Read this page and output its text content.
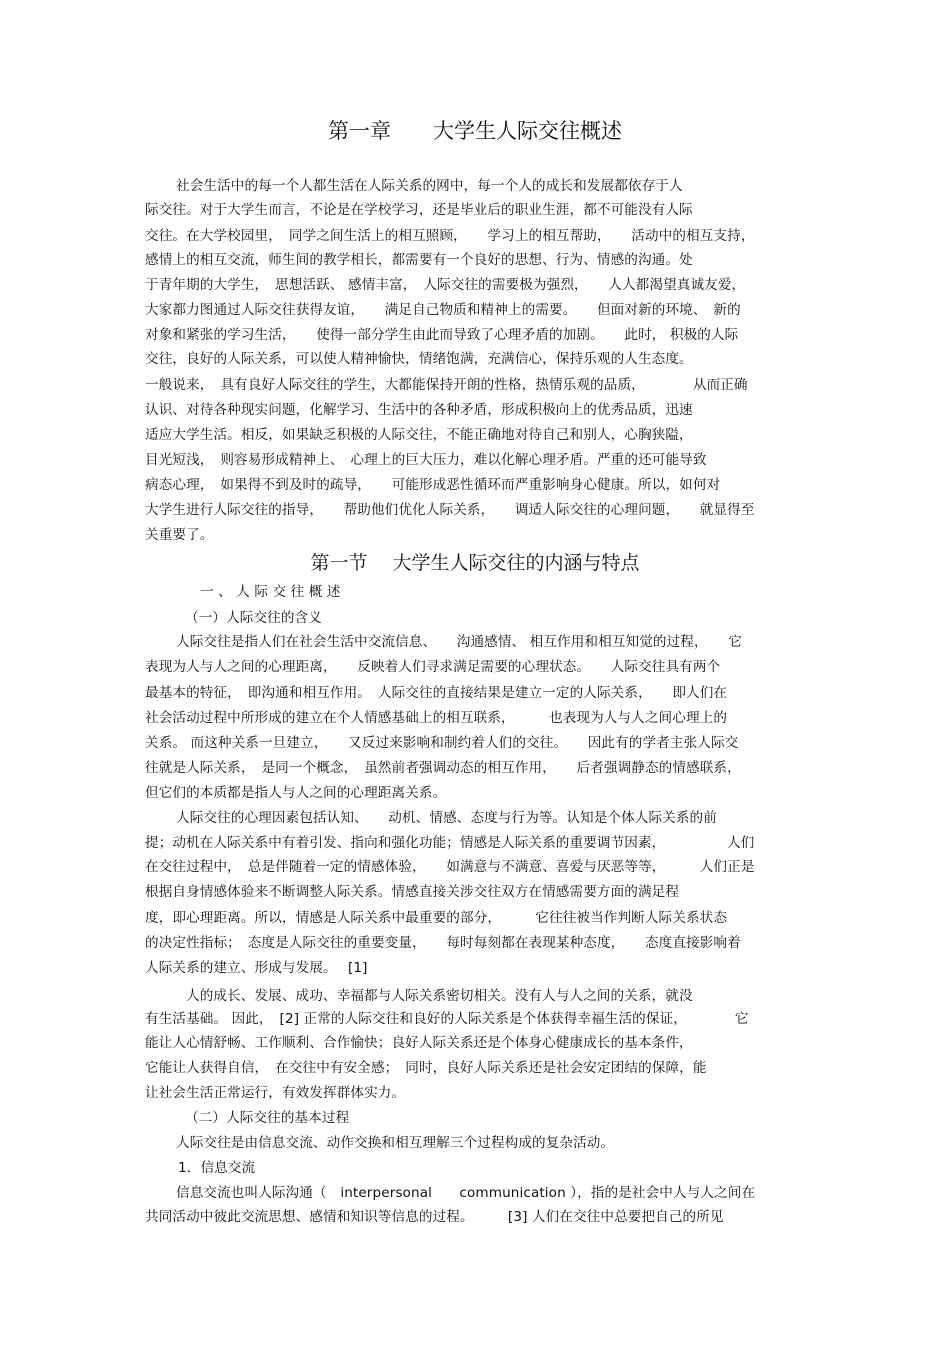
第一章　　大学生人际交往概述
社会生活中的每一个人都生活在人际关系的网中，每一个人的成长和发展都依存于人
际交往。对于大学生而言，不论是在学校学习，还是毕业后的职业生涯，都不可能没有人际
交往。在大学校园里，　同学之间生活上的相互照顾，　　学习上的相互帮助，　　活动中的相互支持，
感情上的相互交流，师生间的教学相长，都需要有一个良好的思想、行为、情感的沟通。处
于青年期的大学生，　思想活跃、 感情丰富，　人际交往的需要极为强烈，　　人人都渴望真诚友爱，
大家都力图通过人际交往获得友谊，　　满足自己物质和精神上的需要。　　但面对新的环境、　新的
对象和紧张的学习生活，　　使得一部分学生由此而导致了心理矛盾的加剧。　　此时， 积极的人际
交往，良好的人际关系，可以使人精神愉快，情绪饱满，充满信心，保持乐观的人生态度。
一般说来，　具有良好人际交往的学生，大都能保持开朗的性格，热情乐观的品质，　　　　从而正确
认识、对待各种现实问题，化解学习、生活中的各种矛盾，形成积极向上的优秀品质，迅速
适应大学生活。相反，如果缺乏积极的人际交往，不能正确地对待自己和别人，心胸狭隘，
目光短浅，　则容易形成精神上、　心理上的巨大压力，难以化解心理矛盾。严重的还可能导致
病态心理，　如果得不到及时的疏导，　　可能形成恶性循环而严重影响身心健康。所以，如何对
大学生进行人际交往的指导，　　帮助他们优化人际关系，　　调适人际交往的心理问题，　　就显得至
关重要了。
第一节　 大学生人际交往的内涵与特点
一 、 人 际 交 往 概 述
（一）人际交往的含义
人际交往是指人们在社会生活中交流信息、　　沟通感情、 相互作用和相互知觉的过程，　　它
表现为人与人之间的心理距离，　　反映着人们寻求满足需要的心理状态。　　人际交往具有两个
最基本的特征，　即沟通和相互作用。　人际交往的直接结果是建立一定的人际关系，　　即人们在
社会活动过程中所形成的建立在个人情感基础上的相互联系，　　　也表现为人与人之间心理上的
关系。 而这种关系一旦建立，　　又反过来影响和制约着人们的交往。　　因此有的学者主张人际交
往就是人际关系，　是同一个概念，　虽然前者强调动态的相互作用，　　后者强调静态的情感联系，
但它们的本质都是指人与人之间的心理距离关系。
人际交往的心理因素包括认知、　　动机、情感、态度与行为等。认知是个体人际关系的前
提；动机在人际关系中有着引发、指向和强化功能；情感是人际关系的重要调节因素，　　　　　人们
在交往过程中，　总是伴随着一定的情感体验，　　如满意与不满意、喜爱与厌恶等等，　　　人们正是
根据自身情感体验来不断调整人际关系。情感直接关涉交往双方在情感需要方面的满足程
度，即心理距离。所以，情感是人际关系中最重要的部分，　　　它往往被当作判断人际关系状态
的决定性指标；　态度是人际交往的重要变量，　　每时每刻都在表现某种态度，　　态度直接影响着
人际关系的建立、形成与发展。　 [1]
人的成长、发展、成功、幸福都与人际关系密切相关。没有人与人之间的关系，就没
有生活基础。 因此，　[2] 正常的人际交往和良好的人际关系是个体获得幸福生活的保证，　　　　它
能让人心情舒畅、工作顺利、合作愉快；良好人际关系还是个体身心健康成长的基本条件，
它能让人获得自信，　在交往中有安全感；　同时，良好人际关系还是社会安定团结的保障，能
让社会生活正常运行，有效发挥群体实力。
（二）人际交往的基本过程
人际交往是由信息交流、动作交换和相互理解三个过程构成的复杂活动。
1．信息交流
信息交流也叫人际沟通（　interpersonal　　communication ），指的是社会中人与人之间在
共同活动中彼此交流思想、感情和知识等信息的过程。　　　[3] 人们在交往中总要把自己的所见
